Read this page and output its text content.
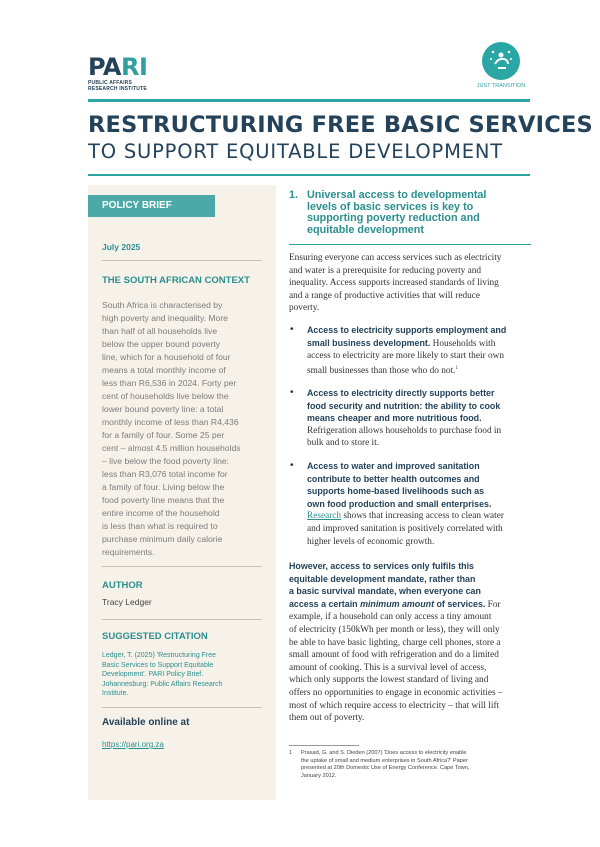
PARI
PUBLIC AFFAIRS
RESEARCH INSTITUTE	JUST TRANSITION
RESTRUCTURING FREE BASIC SERVICES
TO SUPPORT EQUITABLE DEVELOPMENT
POLICY BRIEF
July 2025
THE SOUTH AFRICAN CONTEXT

South Africa is characterised by

high poverty and inequality. More

than half of all households live

below the upper bound poverty

line, which for a household of four

means a total monthly income of

less than R6,536 in 2024. Forty per

cent of households live below the

lower bound poverty line: a total

monthly income of less than R4,436

for a family of four. Some 25 per

cent – almost 4.5 million households

– live below the food poverty line:

less than R3,076 total income for

a family of four. Living below the

food poverty line means that the

entire income of the household

is less than what is required to

purchase minimum daily calorie

requirements.

AUTHOR
Tracy Ledger
SUGGESTED CITATION

Ledger, T. (2025) 'Restructuring Free

Basic Services to Support Equitable

Development'. PARI Policy Brief.

Johannesburg: Public Affairs Research

Institute.

Available online at
https://pari.org.za
1. Universal access to developmental

levels of basic services is key to

supporting poverty reduction and

equitable development

Ensuring everyone can access services such as electricity

and water is a prerequisite for reducing poverty and

inequality. Access supports increased standards of living

and a range of productive activities that will reduce

poverty.

• Access to electricity supports employment and

small business development. Households with

access to electricity are more likely to start their own

small businesses than those who do not.$^1$

• Access to electricity directly supports better

food security and nutrition: the ability to cook

means cheaper and more nutritious food.

Refrigeration allows households to purchase food in

bulk and to store it.

• Access to water and improved sanitation

contribute to better health outcomes and

supports home-based livelihoods such as

own food production and small enterprises.

Research shows that increasing access to clean water

and improved sanitation is positively correlated with

higher levels of economic growth.

However, access to services only fulfils this

equitable development mandate, rather than

a basic survival mandate, when everyone can

access a certain minimum amount of services. For

example, if a household can only access a tiny amount

of electricity (150kWh per month or less), they will only

be able to have basic lighting, charge cell phones, store a

small amount of food with refrigeration and do a limited

amount of cooking. This is a survival level of access,

which only supports the lowest standard of living and

offers no opportunities to engage in economic activities –

most of which require access to electricity – that will lift

them out of poverty.

1 Prasad, G. and S. Dieden (2007) 'Does access to electricity enable

the uptake of small and medium enterprises in South Africa?' Paper

presented at 20th Domestic Use of Energy Conference. Cape Town,

January 2012.
